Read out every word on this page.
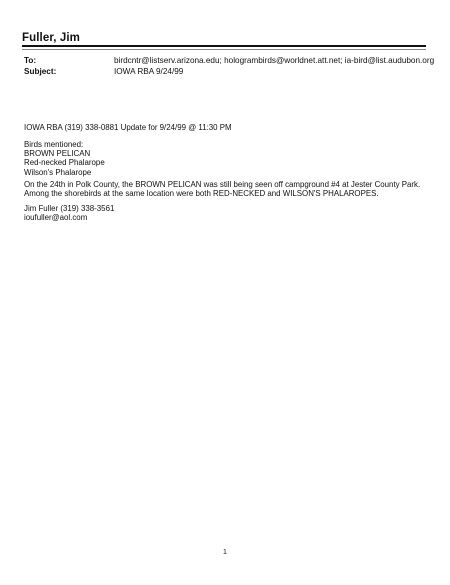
Fuller, Jim
To:	birdcntr@listserv.arizona.edu; hologrambirds@worldnet.att.net; ia-bird@list.audubon.org
Subject:	IOWA RBA 9/24/99
IOWA RBA (319) 338-0881 Update for 9/24/99 @ 11:30 PM
Birds mentioned:
BROWN PELICAN
Red-necked Phalarope
Wilson's Phalarope
On the 24th in Polk County, the BROWN PELICAN was still being seen off campground #4 at Jester County Park.
Among the shorebirds at the same location were both RED-NECKED and WILSON'S PHALAROPES.
Jim Fuller (319) 338-3561
ioufuller@aol.com
1
